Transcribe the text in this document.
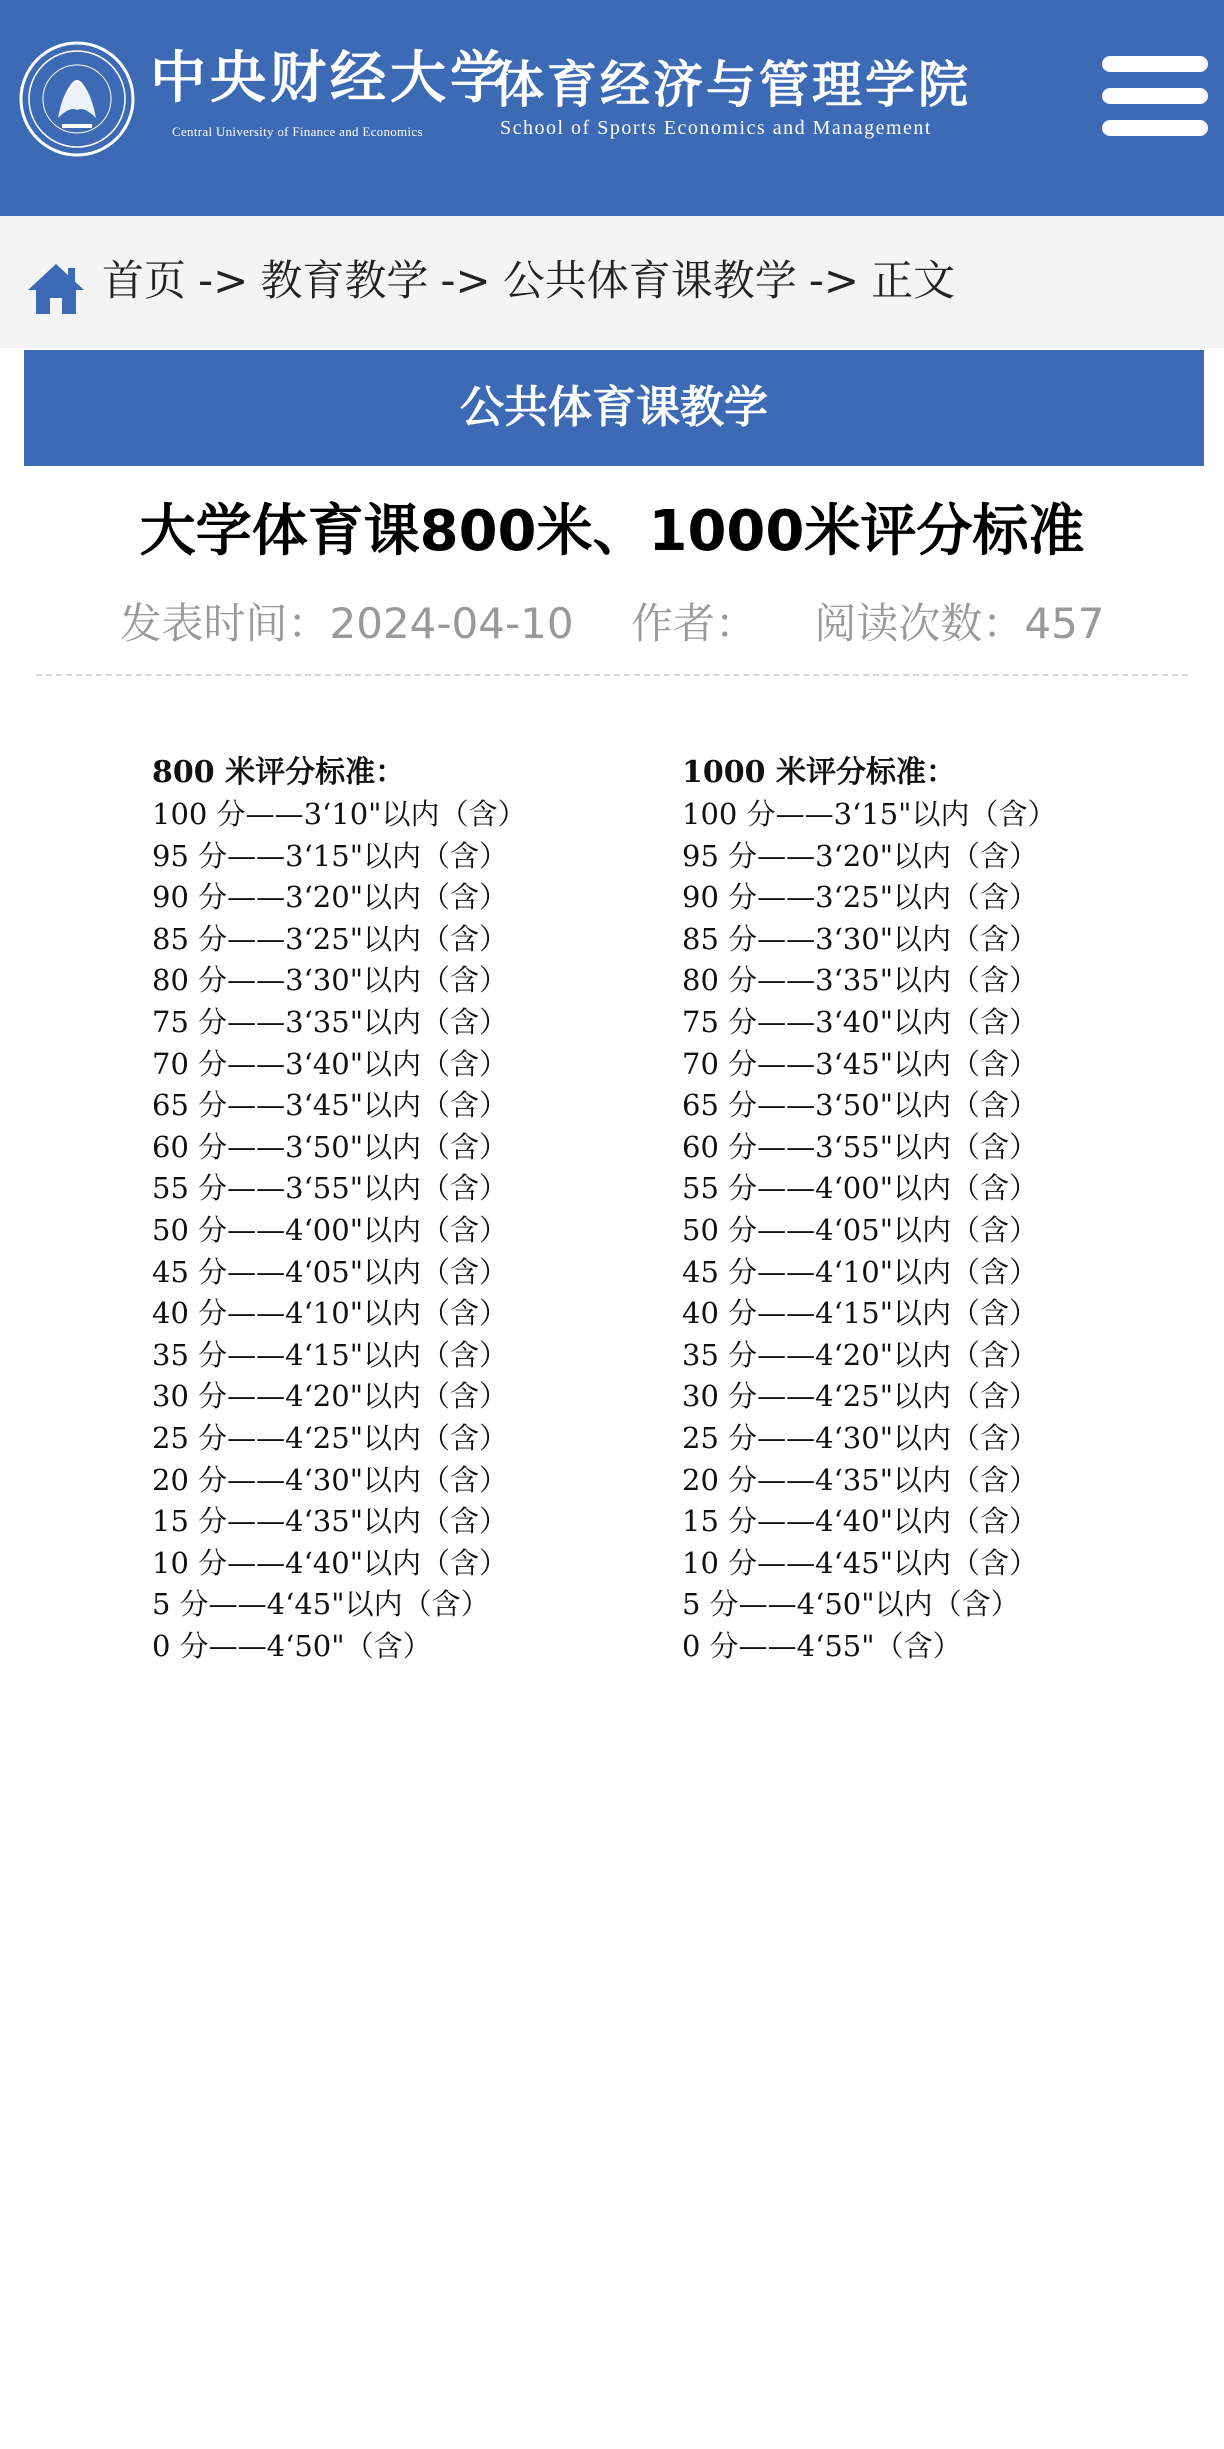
中央财经大学
Central University of Finance and Economics
体育经济与管理学院
School of Sports Economics and Management
首页 -> 教育教学 -> 公共体育课教学 -> 正文
公共体育课教学
大学体育课800米、1000米评分标准
发表时间：2024-04-10 作者： 阅读次数：457
800 米评分标准：
100 分——3‘10"以内（含）
95 分——3‘15"以内（含）
90 分——3‘20"以内（含）
85 分——3‘25"以内（含）
80 分——3‘30"以内（含）
75 分——3‘35"以内（含）
70 分——3‘40"以内（含）
65 分——3‘45"以内（含）
60 分——3‘50"以内（含）
55 分——3‘55"以内（含）
50 分——4‘00"以内（含）
45 分——4‘05"以内（含）
40 分——4‘10"以内（含）
35 分——4‘15"以内（含）
30 分——4‘20"以内（含）
25 分——4‘25"以内（含）
20 分——4‘30"以内（含）
15 分——4‘35"以内（含）
10 分——4‘40"以内（含）
5 分——4‘45"以内（含）
0 分——4‘50"（含）
1000 米评分标准：
100 分——3‘15"以内（含）
95 分——3‘20"以内（含）
90 分——3‘25"以内（含）
85 分——3‘30"以内（含）
80 分——3‘35"以内（含）
75 分——3‘40"以内（含）
70 分——3‘45"以内（含）
65 分——3‘50"以内（含）
60 分——3‘55"以内（含）
55 分——4‘00"以内（含）
50 分——4‘05"以内（含）
45 分——4‘10"以内（含）
40 分——4‘15"以内（含）
35 分——4‘20"以内（含）
30 分——4‘25"以内（含）
25 分——4‘30"以内（含）
20 分——4‘35"以内（含）
15 分——4‘40"以内（含）
10 分——4‘45"以内（含）
5 分——4‘50"以内（含）
0 分——4‘55"（含）
